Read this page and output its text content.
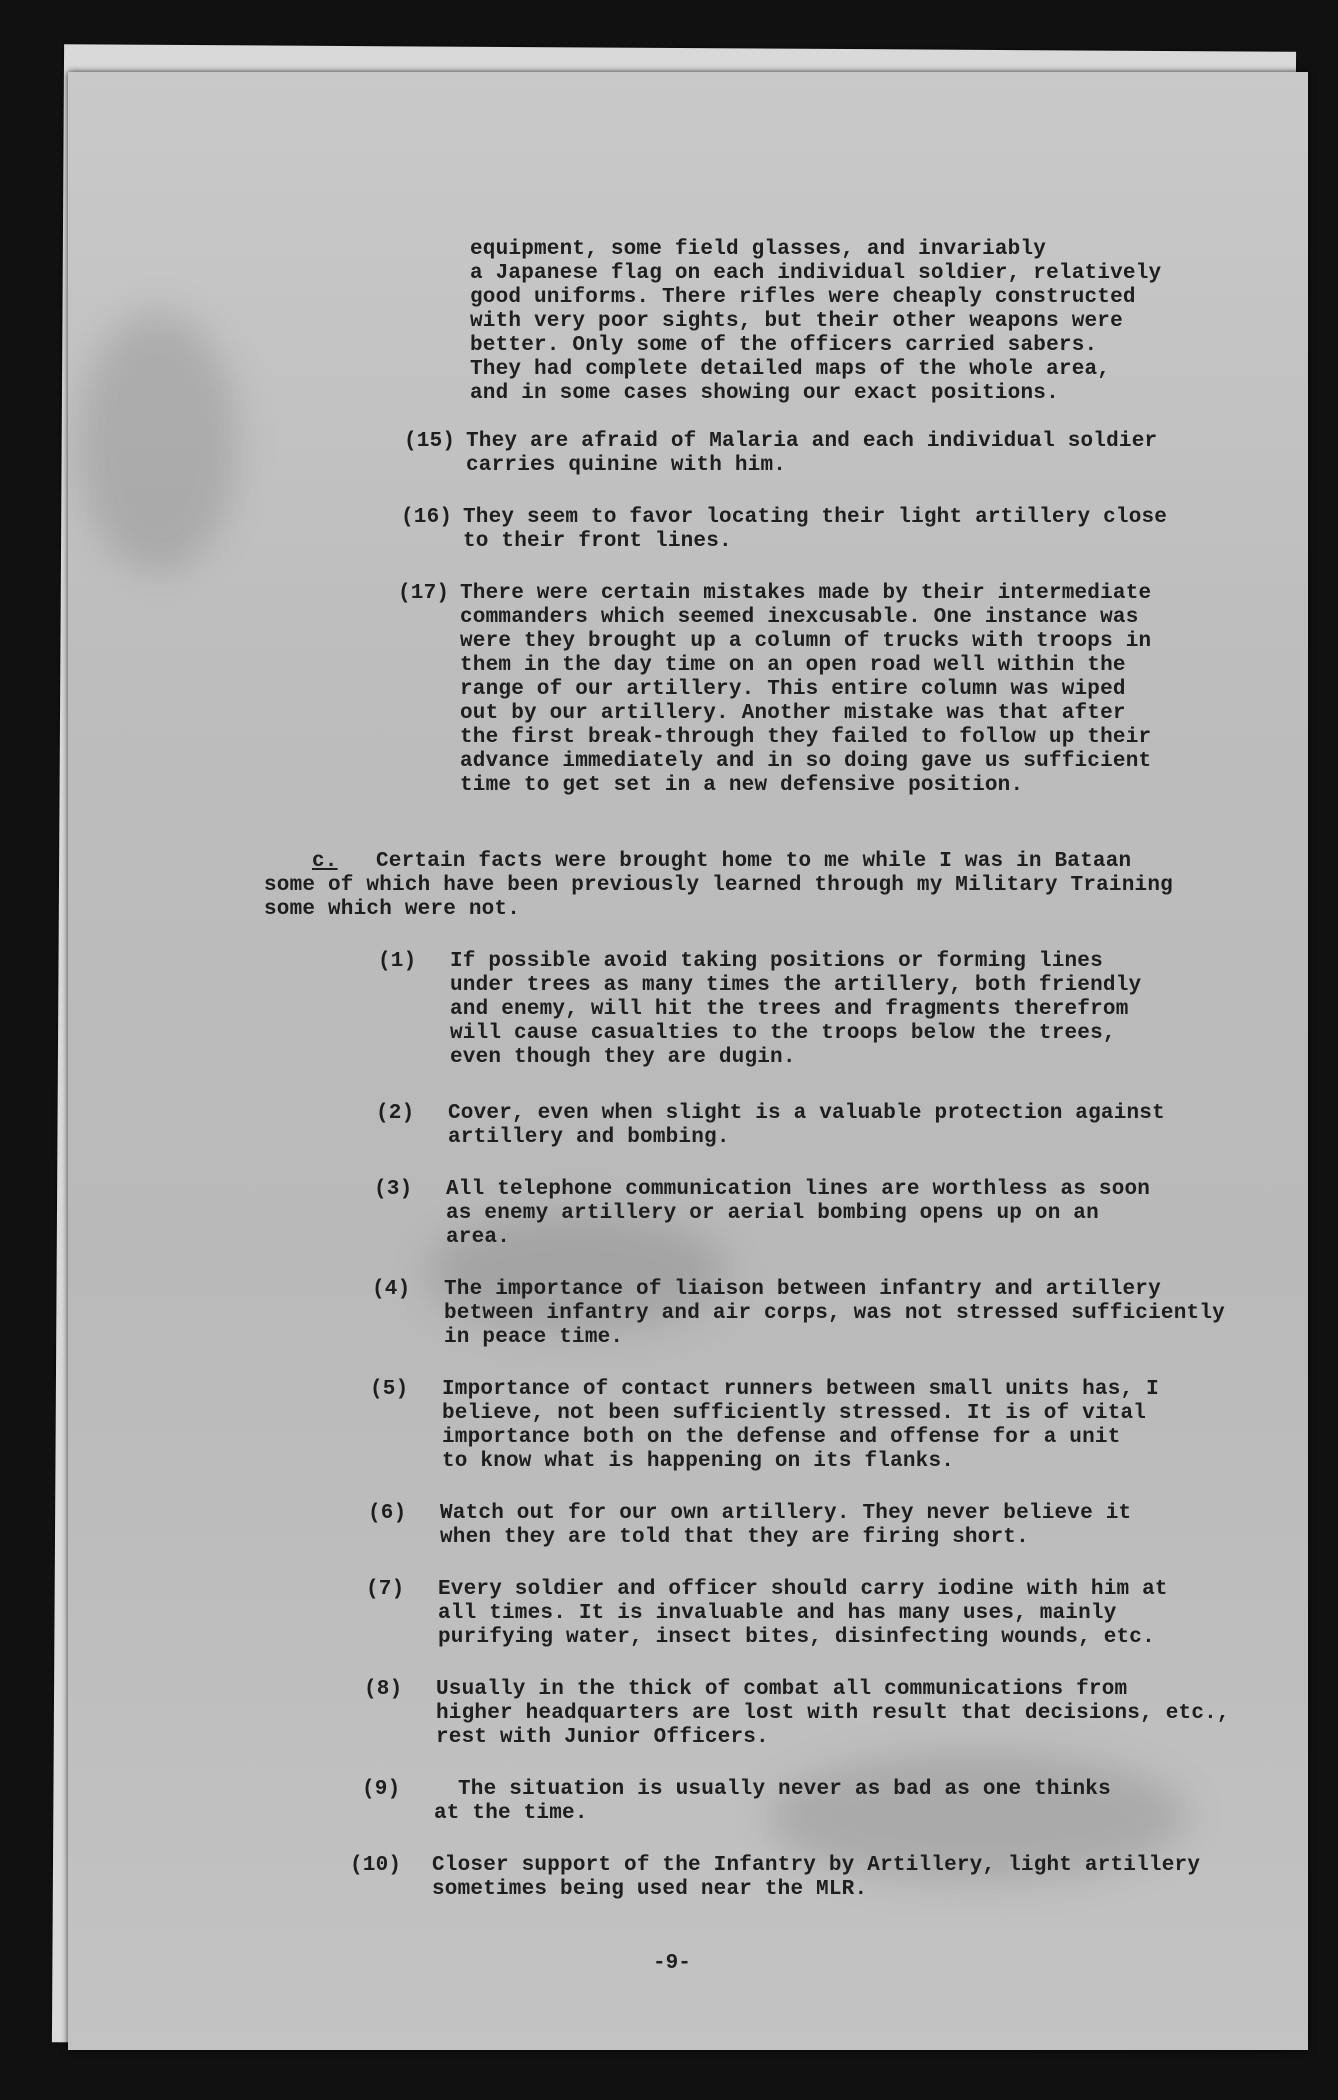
equipment, some field glasses, and invariably
a Japanese flag on each individual soldier, relatively
good uniforms. There rifles were cheaply constructed
with very poor sights, but their other weapons were
better. Only some of the officers carried sabers.
They had complete detailed maps of the whole area,
and in some cases showing our exact positions.
(15) They are afraid of Malaria and each individual soldier
carries quinine with him.
(16) They seem to favor locating their light artillery close
to their front lines.
(17) There were certain mistakes made by their intermediate
commanders which seemed inexcusable. One instance was
were they brought up a column of trucks with troops in
them in the day time on an open road well within the
range of our artillery. This entire column was wiped
out by our artillery. Another mistake was that after
the first break-through they failed to follow up their
advance immediately and in so doing gave us sufficient
time to get set in a new defensive position.
c.	Certain facts were brought home to me while I was in Bataan
some of which have been previously learned through my Military Training
some which were not.
(1) If possible avoid taking positions or forming lines
under trees as many times the artillery, both friendly
and enemy, will hit the trees and fragments therefrom
will cause casualties to the troops below the trees,
even though they are dugin.
(2) Cover, even when slight is a valuable protection against
artillery and bombing.
(3) All telephone communication lines are worthless as soon
as enemy artillery or aerial bombing opens up on an
area.
(4) The importance of liaison between infantry and artillery
between infantry and air corps, was not stressed sufficiently
in peace time.
(5) Importance of contact runners between small units has, I
believe, not been sufficiently stressed. It is of vital
importance both on the defense and offense for a unit
to know what is happening on its flanks.
(6) Watch out for our own artillery. They never believe it
when they are told that they are firing short.
(7) Every soldier and officer should carry iodine with him at
all times. It is invaluable and has many uses, mainly
purifying water, insect bites, disinfecting wounds, etc.
(8) Usually in the thick of combat all communications from
higher headquarters are lost with result that decisions, etc.,
rest with Junior Officers.
(9)	The situation is usually never as bad as one thinks
at the time.
(10) Closer support of the Infantry by Artillery, light artillery
sometimes being used near the MLR.
-9-
